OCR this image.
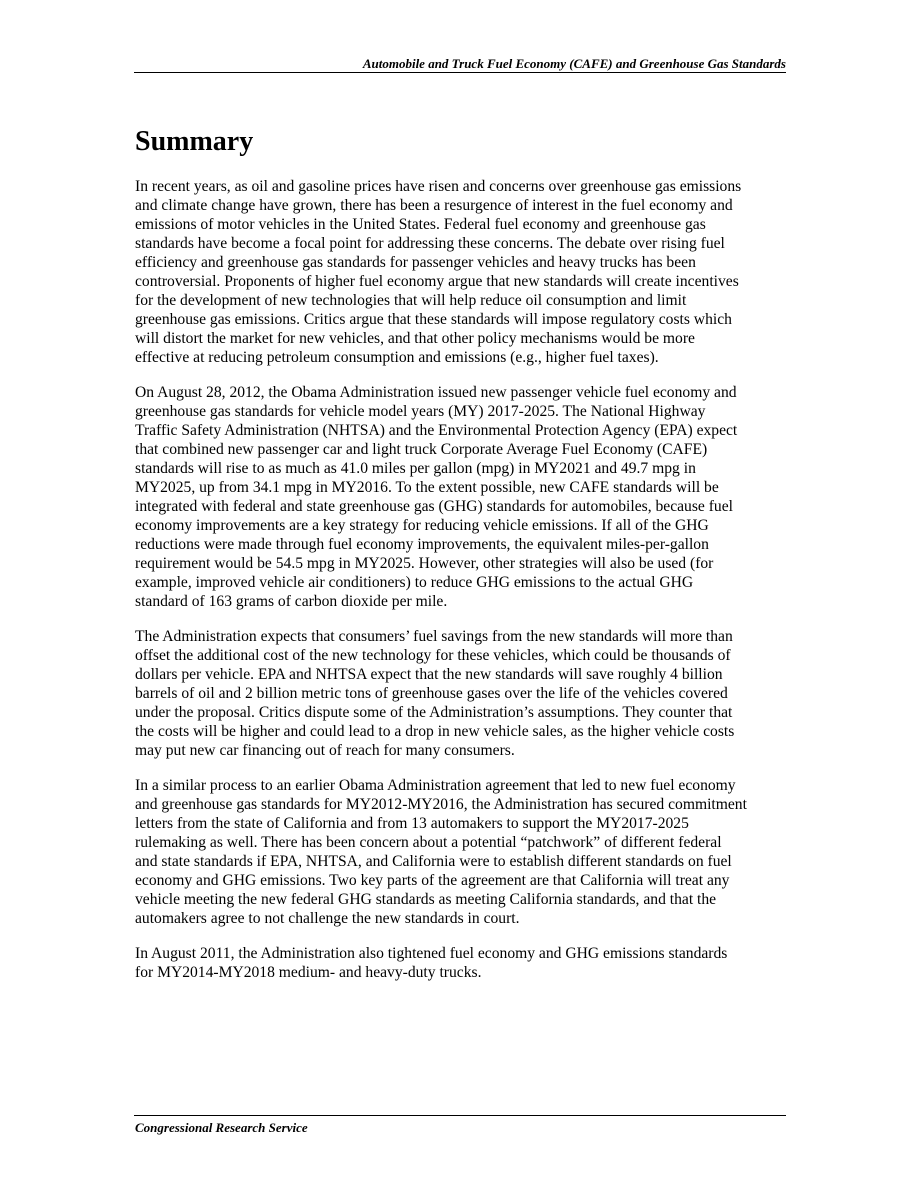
Automobile and Truck Fuel Economy (CAFE) and Greenhouse Gas Standards
Summary

In recent years, as oil and gasoline prices have risen and concerns over greenhouse gas emissions
and climate change have grown, there has been a resurgence of interest in the fuel economy and
emissions of motor vehicles in the United States. Federal fuel economy and greenhouse gas
standards have become a focal point for addressing these concerns. The debate over rising fuel
efficiency and greenhouse gas standards for passenger vehicles and heavy trucks has been
controversial. Proponents of higher fuel economy argue that new standards will create incentives
for the development of new technologies that will help reduce oil consumption and limit
greenhouse gas emissions. Critics argue that these standards will impose regulatory costs which
will distort the market for new vehicles, and that other policy mechanisms would be more
effective at reducing petroleum consumption and emissions (e.g., higher fuel taxes).

On August 28, 2012, the Obama Administration issued new passenger vehicle fuel economy and
greenhouse gas standards for vehicle model years (MY) 2017-2025. The National Highway
Traffic Safety Administration (NHTSA) and the Environmental Protection Agency (EPA) expect
that combined new passenger car and light truck Corporate Average Fuel Economy (CAFE)
standards will rise to as much as 41.0 miles per gallon (mpg) in MY2021 and 49.7 mpg in
MY2025, up from 34.1 mpg in MY2016. To the extent possible, new CAFE standards will be
integrated with federal and state greenhouse gas (GHG) standards for automobiles, because fuel
economy improvements are a key strategy for reducing vehicle emissions. If all of the GHG
reductions were made through fuel economy improvements, the equivalent miles-per-gallon
requirement would be 54.5 mpg in MY2025. However, other strategies will also be used (for
example, improved vehicle air conditioners) to reduce GHG emissions to the actual GHG
standard of 163 grams of carbon dioxide per mile.

The Administration expects that consumers’ fuel savings from the new standards will more than
offset the additional cost of the new technology for these vehicles, which could be thousands of
dollars per vehicle. EPA and NHTSA expect that the new standards will save roughly 4 billion
barrels of oil and 2 billion metric tons of greenhouse gases over the life of the vehicles covered
under the proposal. Critics dispute some of the Administration’s assumptions. They counter that
the costs will be higher and could lead to a drop in new vehicle sales, as the higher vehicle costs
may put new car financing out of reach for many consumers.

In a similar process to an earlier Obama Administration agreement that led to new fuel economy
and greenhouse gas standards for MY2012-MY2016, the Administration has secured commitment
letters from the state of California and from 13 automakers to support the MY2017-2025
rulemaking as well. There has been concern about a potential “patchwork” of different federal
and state standards if EPA, NHTSA, and California were to establish different standards on fuel
economy and GHG emissions. Two key parts of the agreement are that California will treat any
vehicle meeting the new federal GHG standards as meeting California standards, and that the
automakers agree to not challenge the new standards in court.

In August 2011, the Administration also tightened fuel economy and GHG emissions standards
for MY2014-MY2018 medium- and heavy-duty trucks.

Congressional Research Service
